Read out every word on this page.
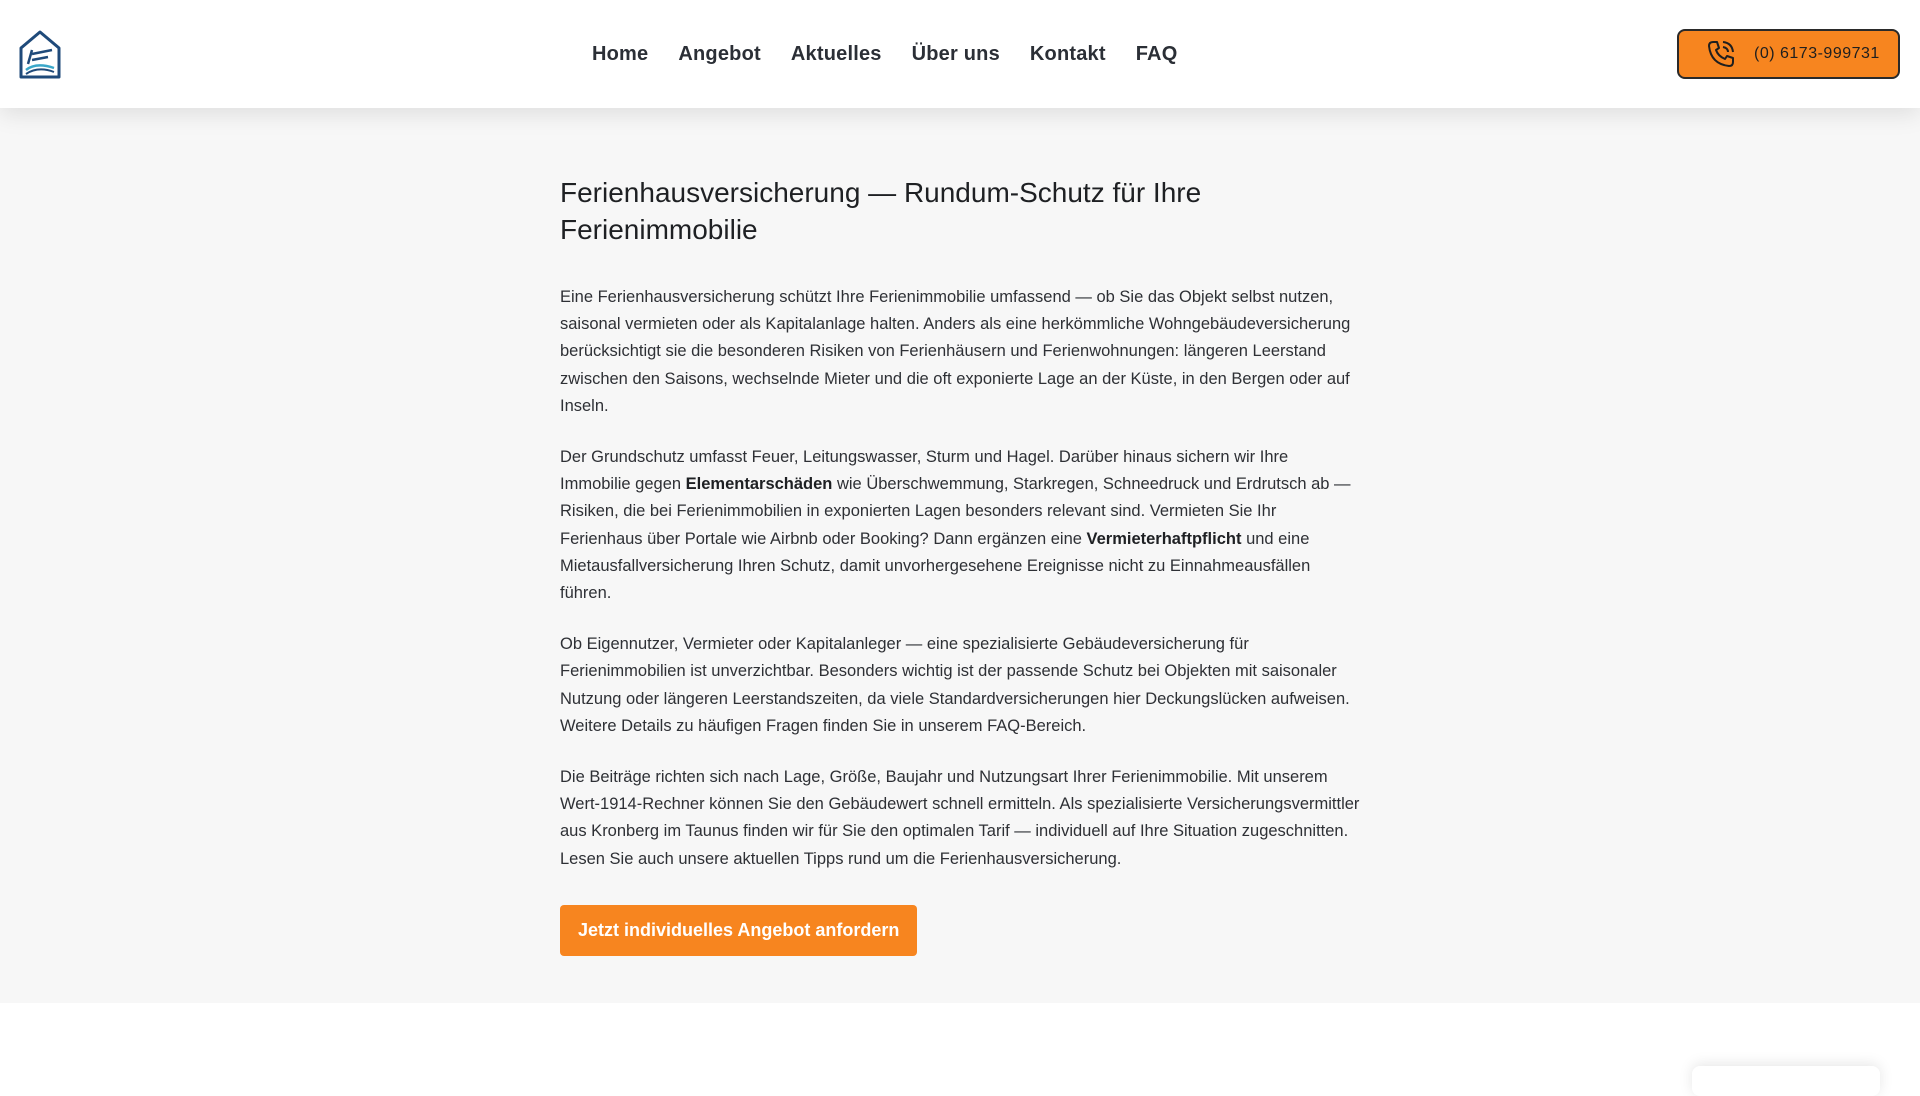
Home Angebot Aktuelles Über uns Kontakt FAQ	(0) 6173-999731
Ferienhausversicherung — Rundum-Schutz für Ihre Ferienimmobilie

Eine Ferienhausversicherung schützt Ihre Ferienimmobilie umfassend — ob Sie das Objekt selbst nutzen, saisonal vermieten oder als Kapitalanlage halten. Anders als eine herkömmliche Wohngebäudeversicherung berücksichtigt sie die besonderen Risiken von Ferienhäusern und Ferienwohnungen: längeren Leerstand zwischen den Saisons, wechselnde Mieter und die oft exponierte Lage an der Küste, in den Bergen oder auf Inseln.

Der Grundschutz umfasst Feuer, Leitungswasser, Sturm und Hagel. Darüber hinaus sichern wir Ihre Immobilie gegen Elementarschäden wie Überschwemmung, Starkregen, Schneedruck und Erdrutsch ab — Risiken, die bei Ferienimmobilien in exponierten Lagen besonders relevant sind. Vermieten Sie Ihr Ferienhaus über Portale wie Airbnb oder Booking? Dann ergänzen eine Vermieterhaftpflicht und eine Mietausfallversicherung Ihren Schutz, damit unvorhergesehene Ereignisse nicht zu Einnahmeausfällen führen.

Ob Eigennutzer, Vermieter oder Kapitalanleger — eine spezialisierte Gebäudeversicherung für Ferienimmobilien ist unverzichtbar. Besonders wichtig ist der passende Schutz bei Objekten mit saisonaler Nutzung oder längeren Leerstandszeiten, da viele Standardversicherungen hier Deckungslücken aufweisen. Weitere Details zu häufigen Fragen finden Sie in unserem FAQ-Bereich.

Die Beiträge richten sich nach Lage, Größe, Baujahr und Nutzungsart Ihrer Ferienimmobilie. Mit unserem Wert-1914-Rechner können Sie den Gebäudewert schnell ermitteln. Als spezialisierte Versicherungsvermittler aus Kronberg im Taunus finden wir für Sie den optimalen Tarif — individuell auf Ihre Situation zugeschnitten. Lesen Sie auch unsere aktuellen Tipps rund um die Ferienhausversicherung.

Jetzt individuelles Angebot anfordern
